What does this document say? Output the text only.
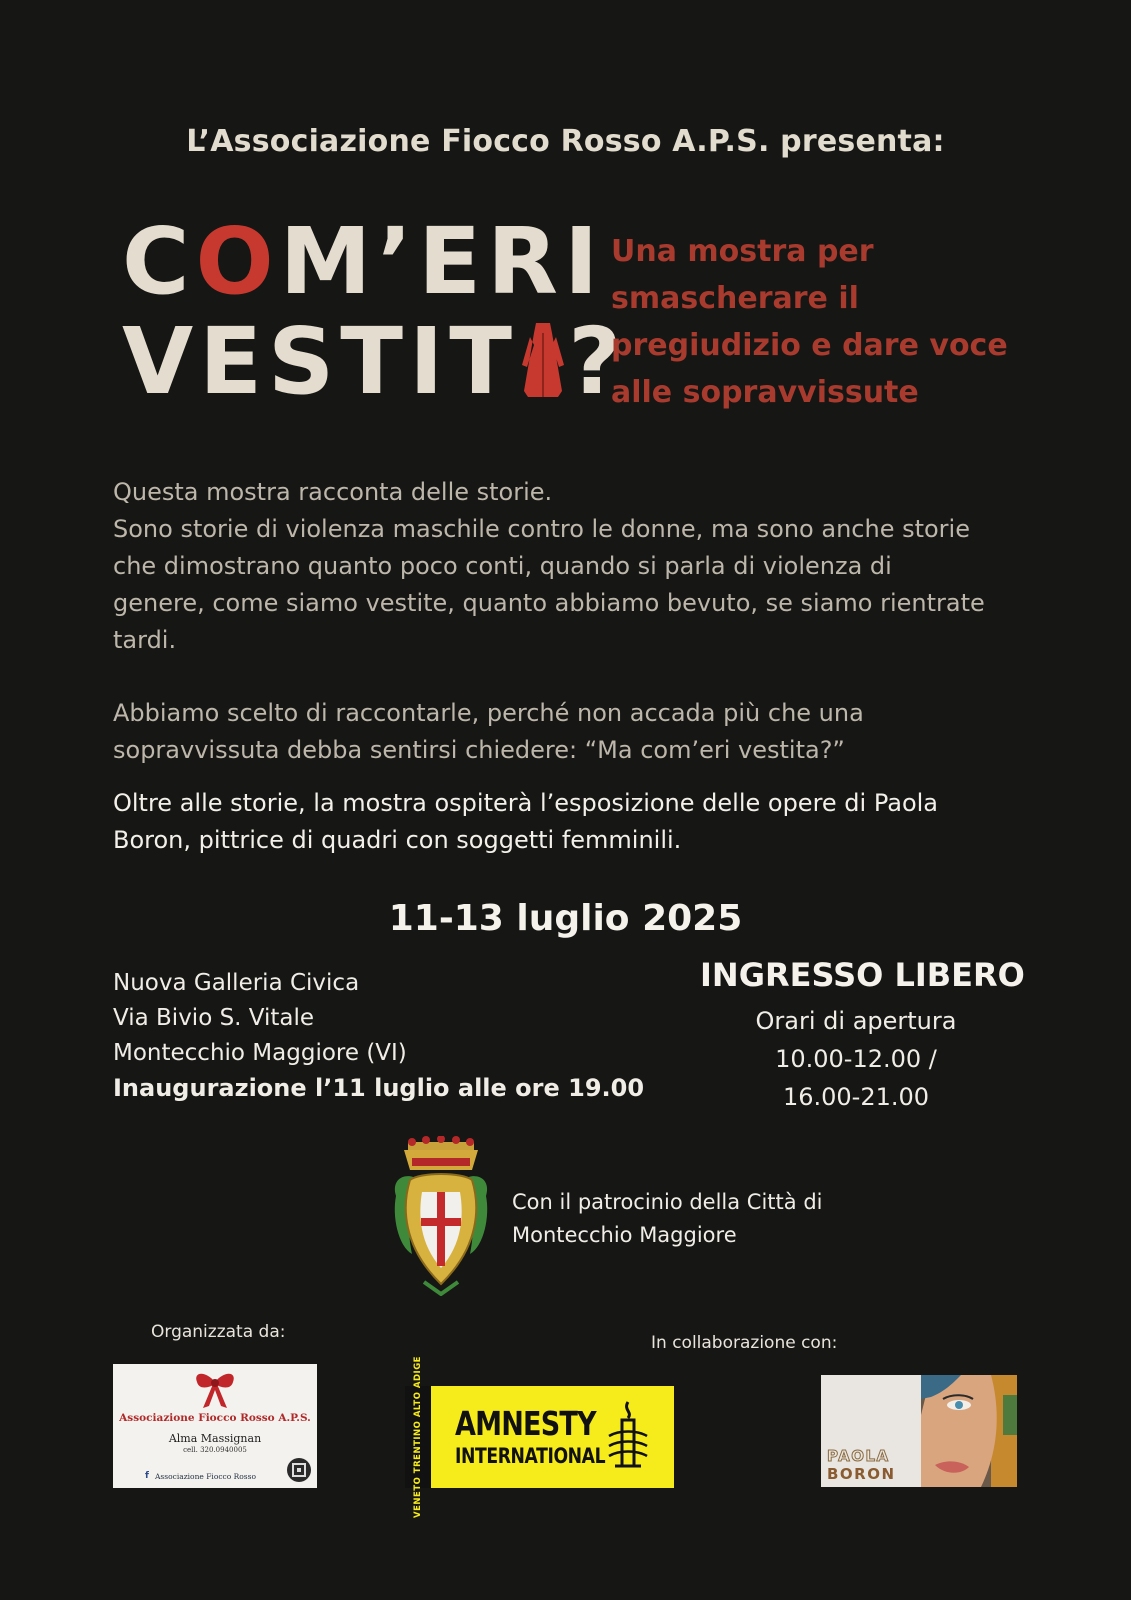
L’Associazione Fiocco Rosso A.P.S. presenta:
COM’ERI
VESTIT ?
Una mostra per
smascherare il
pregiudizio e dare voce
alle sopravvissute
Questa mostra racconta delle storie.
Sono storie di violenza maschile contro le donne, ma sono anche storie
che dimostrano quanto poco conti, quando si parla di violenza di
genere, come siamo vestite, quanto abbiamo bevuto, se siamo rientrate
tardi.
Abbiamo scelto di raccontarle, perché non accada più che una
sopravvissuta debba sentirsi chiedere: “Ma com’eri vestita?”
Oltre alle storie, la mostra ospiterà l’esposizione delle opere di Paola
Boron, pittrice di quadri con soggetti femminili.
11-13 luglio 2025
Nuova Galleria Civica
Via Bivio S. Vitale
Montecchio Maggiore (VI)
Inaugurazione l’11 luglio alle ore 19.00
INGRESSO LIBERO
Orari di apertura
10.00-12.00 /
16.00-21.00
Con il patrocinio della Città di
Montecchio Maggiore
Organizzata da:
In collaborazione con:
Associazione Fiocco Rosso A.P.S.
Alma Massignan
cell. 320.0940005
f Associazione Fiocco Rosso	VENETO TRENTINO ALTO ADIGE AMNESTY
INTERNATIONAL	PAOLA
BORON
